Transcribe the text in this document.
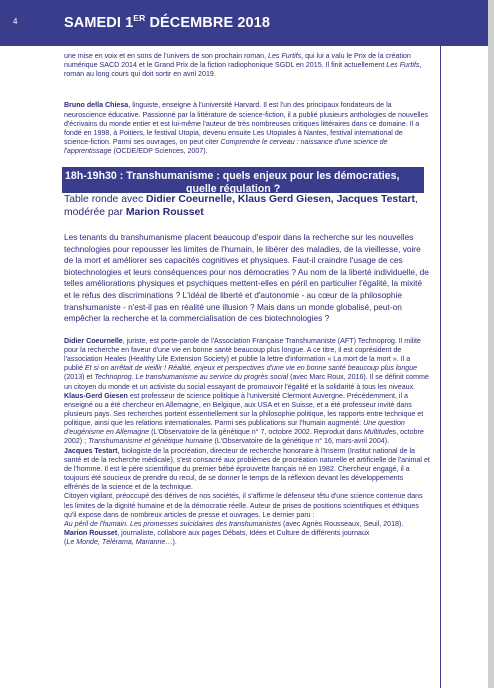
4	SAMEDI 1ER DÉCEMBRE 2018

une mise en voix et en sons de l'univers de son prochain roman, Les Furtifs, qui lui a valu le Prix de la création numérique SACD 2014 et le Grand Prix de la fiction radiophonique SGDL en 2015. Il finit actuellement Les Furtifs, roman au long cours qui doit sortir en avril 2019.

Bruno della Chiesa, linguiste, enseigne à l'université Harvard. Il est l'un des principaux fondateurs de la neuroscience éducative. Passionné par la littérature de science-fiction, il a publié plusieurs anthologies de nouvelles d'écrivains du monde entier et est lui-même l'auteur de très nombreuses critiques littéraires dans ce domaine. Il a fondé en 1998, à Poitiers, le festival Utopia, devenu ensuite Les Utopiales à Nantes, festival international de science-fiction. Parmi ses ouvrages, on peut citer Comprendre le cerveau : naissance d'une science de l'apprentissage (OCDE/EDP Sciences, 2007).

18h-19h30 : Transhumanisme : quels enjeux pour les démocraties,
quelle régulation ?

Table ronde avec Didier Coeurnelle, Klaus Gerd Giesen, Jacques Testart,
modérée par Marion Rousset

Les tenants du transhumanisme placent beaucoup d'espoir dans la recherche sur les nouvelles technologies pour repousser les limites de l'humain, le libérer des maladies, de la vieillesse, voire de la mort et améliorer ses capacités cognitives et physiques. Faut-il craindre l'usage de ces biotechnologies et leurs conséquences pour nos démocraties ? Au nom de la liberté individuelle, de telles améliorations physiques et psychiques mettent-elles en péril en particulier l'égalité, la mixité et le refus des discriminations ? L'idéal de liberté et d'autonomie - au cœur de la philosophie transhumaniste - n'est-il pas en réalité une illusion ? Mais dans un monde globalisé, peut-on empêcher la recherche et la commercialisation de ces biotechnologies ?

Didier Coeurnelle, juriste, est porte-parole de l'Association Française Transhumaniste (AFT) Technoprog. Il milite pour la recherche en faveur d'une vie en bonne santé beaucoup plus longue. A ce titre, il est coprésident de l'association Heales (Healthy Life Extension Society) et publie la lettre d'information « La mort de la mort ». Il a publié Et si on arrêtait de vieillir ! Réalité, enjeux et perspectives d'une vie en bonne santé beaucoup plus longue (2013) et Technoprog. Le transhumanisme au service du progrès social (avec Marc Roux, 2016). Il se définit comme un citoyen du monde et un activiste du social essayant de promouvoir l'égalité et la solidarité à tous les niveaux.

Klaus-Gerd Giesen est professeur de science politique à l'université Clermont Auvergne. Précédemment, il a enseigné ou a été chercheur en Allemagne, en Belgique, aux USA et en Suisse, et a été professeur invité dans plusieurs pays. Ses recherches portent essentiellement sur la philosophie politique, les rapports entre technique et politique, ainsi que les relations internationales. Parmi ses publications sur l'humain augmenté: Une question d'eugénisme en Allemagne (L'Observatoire de la génétique n° 7, octobre 2002. Reproduit dans Multitudes, octobre 2002) ; Transhumanisme et génétique humaine (L'Observatoire de la génétique n° 16, mars-avril 2004).

Jacques Testart, biologiste de la procréation, directeur de recherche honoraire à l'Inserm (Institut national de la santé et de la recherche médicale), s'est consacré aux problèmes de procréation naturelle et artificielle de l'animal et de l'homme. Il est le père scientifique du premier bébé éprouvette français né en 1982. Chercheur engagé, il a toujours été soucieux de prendre du recul, de se donner le temps de la réflexion devant les développements effrénés de la science et de la technique.
Citoyen vigilant, préoccupé des dérives de nos sociétés, il s'affirme le défenseur têtu d'une science contenue dans les limites de la dignité humaine et de la démocratie réelle. Auteur de prises de positions scientifiques et éthiques qu'il expose dans de nombreux articles de presse et ouvrages. Le dernier paru :
Au péril de l'humain. Les promesses suicidaires des transhumanistes (avec Agnès Rousseaux, Seuil, 2018).

Marion Rousset, journaliste, collabore aux pages Débats, Idées et Culture de différents journaux
(Le Monde, Télérama, Marianne…).
